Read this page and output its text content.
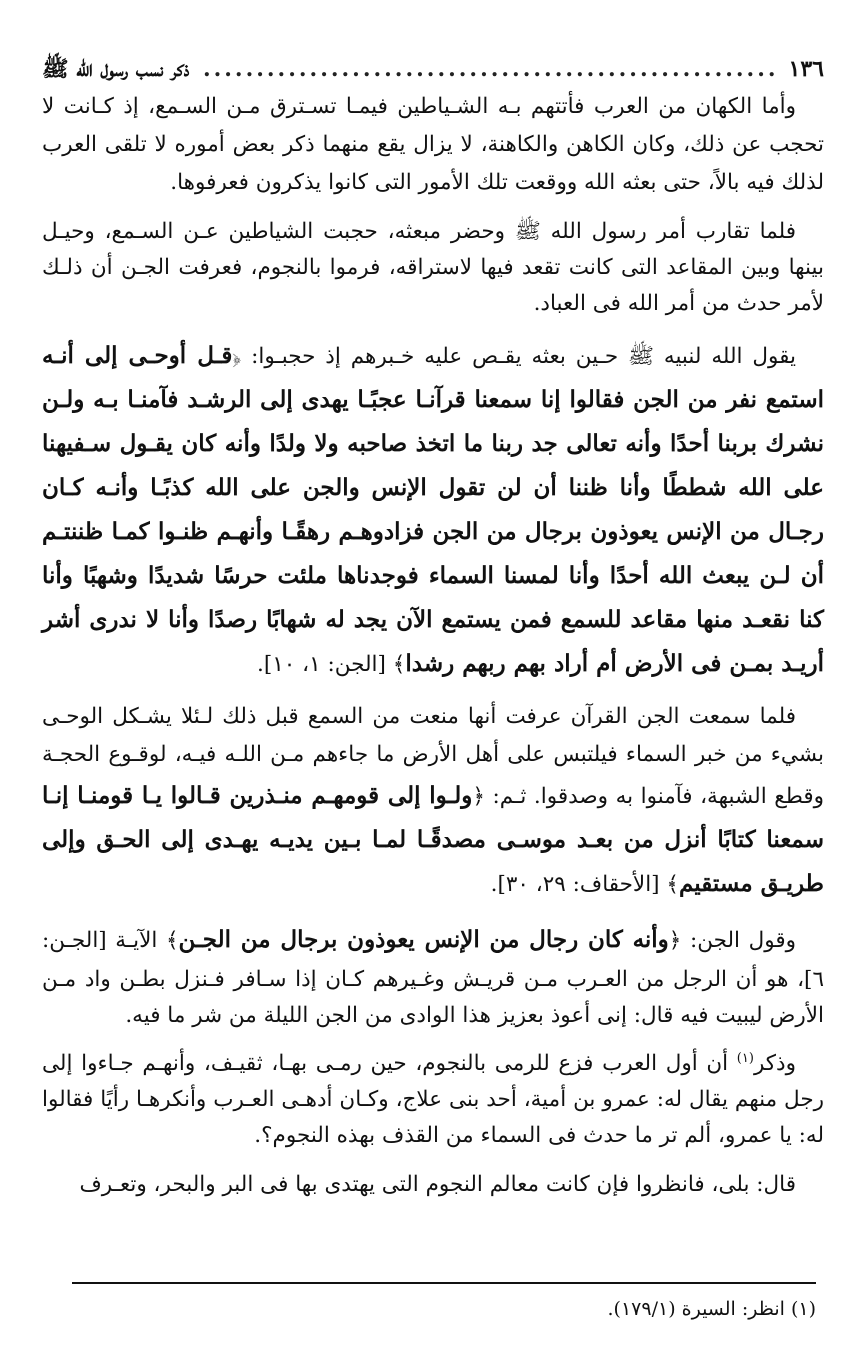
١٣٦
......................................................
ذكر نسب رسول الله ﷺ

وأما الكهان من العرب فأتتهم بـه الشـياطين فيمـا تسـترق مـن السـمع، إذ كـانت لا تحجب عن ذلك، وكان الكاهن والكاهنة، لا يزال يقع منهما ذكر بعض أموره لا تلقى العرب لذلك فيه بالاً، حتى بعثه الله ووقعت تلك الأمور التى كانوا يذكرون فعرفوها.

فلما تقارب أمر رسول الله ﷺ وحضر مبعثه، حجبت الشياطين عـن السـمع، وحيـل بينها وبين المقاعد التى كانت تقعد فيها لاستراقه، فرموا بالنجوم، فعرفت الجـن أن ذلـك لأمر حدث من أمر الله فى العباد.

يقول الله لنبيه ﷺ حـين بعثه يقـص عليه خـبرهم إذ حجبـوا: ﴿قـل أوحـى إلى أنـه استمع نفر من الجن فقالوا إنا سمعنا قرآنـا عجبًـا يهدى إلى الرشـد فآمنـا بـه ولـن نشرك بربنا أحدًا وأنه تعالى جد ربنا ما اتخذ صاحبه ولا ولدًا وأنه كان يقـول سـفيهنا على الله شططًا وأنا ظننا أن لن تقول الإنس والجن على الله كذبًـا وأنـه كـان رجـال من الإنس يعوذون برجال من الجن فزادوهـم رهقًـا وأنهـم ظنـوا كمـا ظننتـم أن لـن يبعث الله أحدًا وأنا لمسنا السماء فوجدناها ملئت حرسًا شديدًا وشهبًا وأنا كنا نقعـد منها مقاعد للسمع فمن يستمع الآن يجد له شهابًا رصدًا وأنا لا ندرى أشر أريـد بمـن فى الأرض أم أراد بهم ربهم رشدا﴾ [الجن: ١، ١٠].

فلما سمعت الجن القرآن عرفت أنها منعت من السمع قبل ذلك لـئلا يشـكل الوحـى بشيء من خبر السماء فيلتبس على أهل الأرض ما جاءهم مـن اللـه فيـه، لوقـوع الحجـة وقطع الشبهة، فآمنوا به وصدقوا. ثـم: ﴿ولـوا إلى قومهـم منـذرين قـالوا يـا قومنـا إنـا سمعنا كتابًا أنزل من بعـد موسـى مصدقًـا لمـا بـين يديـه يهـدى إلى الحـق وإلى طريـق مستقيم﴾ [الأحقاف: ٢٩، ٣٠].

وقول الجن: ﴿وأنه كان رجال من الإنس يعوذون برجال من الجـن﴾ الآيـة [الجـن: ٦]، هو أن الرجل من العـرب مـن قريـش وغـيرهم كـان إذا سـافر فـنزل بطـن واد مـن الأرض ليبيت فيه قال: إنى أعوذ بعزيز هذا الوادى من الجن الليلة من شر ما فيه.

وذكر$^{(١)}$ أن أول العرب فزع للرمى بالنجوم، حين رمـى بهـا، ثقيـف، وأنهـم جـاءوا إلى رجل منهم يقال له: عمرو بن أمية، أحد بنى علاج، وكـان أدهـى العـرب وأنكرهـا رأيًا فقالوا له: يا عمرو، ألم تر ما حدث فى السماء من القذف بهذه النجوم؟.

قال: بلى، فانظروا فإن كانت معالم النجوم التى يهتدى بها فى البر والبحر، وتعـرف

(١) انظر: السيرة (١٧٩/١).
